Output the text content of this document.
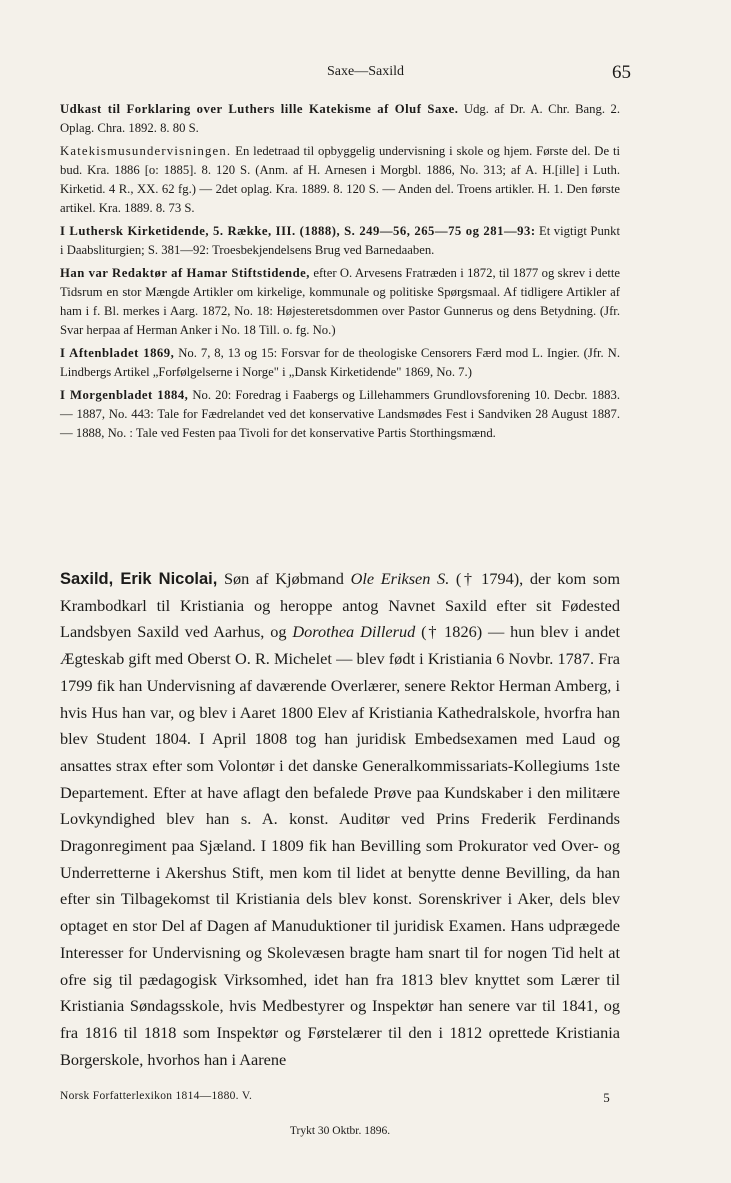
Saxe—Saxild	65

Udkast til Forklaring over Luthers lille Katekisme af Oluf Saxe. Udg. af Dr. A. Chr. Bang. 2. Oplag. Chra. 1892. 8. 80 S.

Katekismusundervisningen. En ledetraad til opbyggelig undervisning i skole og hjem. Første del. De ti bud. Kra. 1886 [o: 1885]. 8. 120 S. (Anm. af H. Arnesen i Morgbl. 1886, No. 313; af A. H.[ille] i Luth. Kirketid. 4 R., XX. 62 fg.) — 2det oplag. Kra. 1889. 8. 120 S. — Anden del. Troens artikler. H. 1. Den første artikel. Kra. 1889. 8. 73 S.

I Luthersk Kirketidende, 5. Række, III. (1888), S. 249—56, 265—75 og 281—93: Et vigtigt Punkt i Daabsliturgien; S. 381—92: Troesbekjendelsens Brug ved Barnedaaben.

Han var Redaktør af Hamar Stiftstidende, efter O. Arvesens Fratræden i 1872, til 1877 og skrev i dette Tidsrum en stor Mængde Artikler om kirkelige, kommunale og politiske Spørgsmaal. Af tidligere Artikler af ham i f. Bl. merkes i Aarg. 1872, No. 18: Højesteretsdommen over Pastor Gunnerus og dens Betydning. (Jfr. Svar herpaa af Herman Anker i No. 18 Till. o. fg. No.)

I Aftenbladet 1869, No. 7, 8, 13 og 15: Forsvar for de theologiske Censorers Færd mod L. Ingier. (Jfr. N. Lindbergs Artikel „Forfølgelserne i Norge" i „Dansk Kirketidende" 1869, No. 7.)

I Morgenbladet 1884, No. 20: Foredrag i Faabergs og Lillehammers Grundlovsforening 10. Decbr. 1883. — 1887, No. 443: Tale for Fædrelandet ved det konservative Landsmødes Fest i Sandviken 28 August 1887. — 1888, No. : Tale ved Festen paa Tivoli for det konservative Partis Storthingsmænd.

Saxild, Erik Nicolai, Søn af Kjøbmand Ole Eriksen S. († 1794), der kom som Krambodkarl til Kristiania og heroppe antog Navnet Saxild efter sit Fødested Landsbyen Saxild ved Aarhus, og Dorothea Dillerud († 1826) — hun blev i andet Ægteskab gift med Oberst O. R. Michelet — blev født i Kristiania 6 Novbr. 1787. Fra 1799 fik han Undervisning af daværende Overlærer, senere Rektor Herman Amberg, i hvis Hus han var, og blev i Aaret 1800 Elev af Kristiania Kathedralskole, hvorfra han blev Student 1804. I April 1808 tog han juridisk Embedsexamen med Laud og ansattes strax efter som Volontør i det danske Generalkommissariats-Kollegiums 1ste Departement. Efter at have aflagt den befalede Prøve paa Kundskaber i den militære Lovkyndighed blev han s. A. konst. Auditør ved Prins Frederik Ferdinands Dragonregiment paa Sjæland. I 1809 fik han Bevilling som Prokurator ved Over- og Underretterne i Akershus Stift, men kom til lidet at benytte denne Bevilling, da han efter sin Tilbagekomst til Kristiania dels blev konst. Sorenskriver i Aker, dels blev optaget en stor Del af Dagen af Manuduktioner til juridisk Examen. Hans udprægede Interesser for Undervisning og Skolevæsen bragte ham snart til for nogen Tid helt at ofre sig til pædagogisk Virksomhed, idet han fra 1813 blev knyttet som Lærer til Kristiania Søndagsskole, hvis Medbestyrer og Inspektør han senere var til 1841, og fra 1816 til 1818 som Inspektør og Førstelærer til den i 1812 oprettede Kristiania Borgerskole, hvorhos han i Aarene
Norsk Forfatterlexikon 1814—1880. V.	5
Trykt 30 Oktbr. 1896.
